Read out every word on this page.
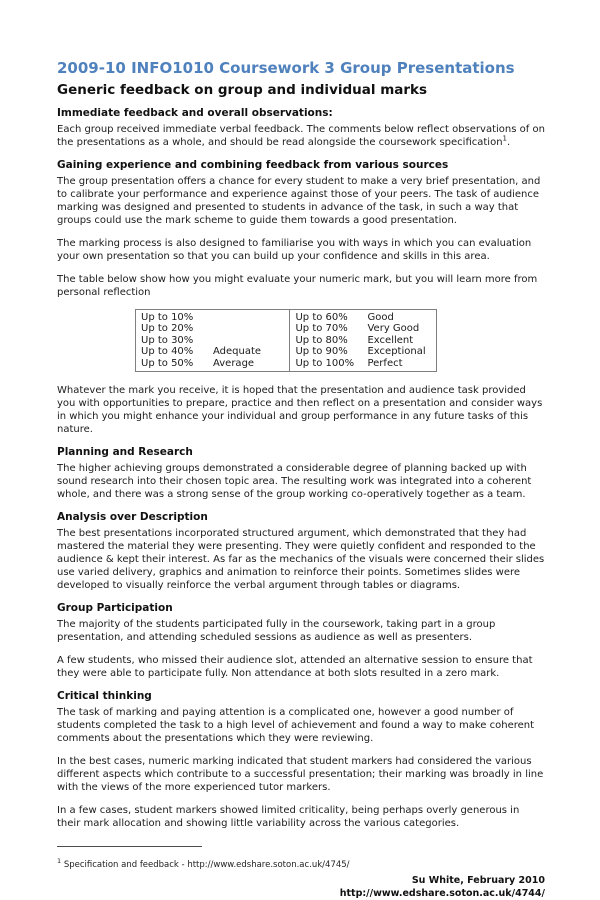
2009-10 INFO1010 Coursework 3 Group Presentations
Generic feedback on group and individual marks
Immediate feedback and overall observations:

Each group received immediate verbal feedback. The comments below reflect observations of on the presentations as a whole, and should be read alongside the coursework specification$^1$.

Gaining experience and combining feedback from various sources

The group presentation offers a chance for every student to make a very brief presentation, and to calibrate your performance and experience against those of your peers. The task of audience marking was designed and presented to students in advance of the task, in such a way that groups could use the mark scheme to guide them towards a good presentation.

The marking process is also designed to familiarise you with ways in which you can evaluation your own presentation so that you can build up your confidence and skills in this area.

The table below show how you might evaluate your numeric mark, but you will learn more from personal reflection

Up to 10%
Up to 20%
Up to 30%
Up to 40%	Adequate
Up to 50%	Average
Up to 60%	Good
Up to 70%	Very Good
Up to 80%	Excellent
Up to 90%	Exceptional
Up to 100%	Perfect

Whatever the mark you receive, it is hoped that the presentation and audience task provided you with opportunities to prepare, practice and then reflect on a presentation and consider ways in which you might enhance your individual and group performance in any future tasks of this nature.

Planning and Research

The higher achieving groups demonstrated a considerable degree of planning backed up with sound research into their chosen topic area. The resulting work was integrated into a coherent whole, and there was a strong sense of the group working co-operatively together as a team.

Analysis over Description

The best presentations incorporated structured argument, which demonstrated that they had mastered the material they were presenting. They were quietly confident and responded to the audience & kept their interest. As far as the mechanics of the visuals were concerned their slides use varied delivery, graphics and animation to reinforce their points. Sometimes slides were developed to visually reinforce the verbal argument through tables or diagrams.

Group Participation

The majority of the students participated fully in the coursework, taking part in a group presentation, and attending scheduled sessions as audience as well as presenters.

A few students, who missed their audience slot, attended an alternative session to ensure that they were able to participate fully. Non attendance at both slots resulted in a zero mark.

Critical thinking

The task of marking and paying attention is a complicated one, however a good number of students completed the task to a high level of achievement and found a way to make coherent comments about the presentations which they were reviewing.

In the best cases, numeric marking indicated that student markers had considered the various different aspects which contribute to a successful presentation; their marking was broadly in line with the views of the more experienced tutor markers.

In a few cases, student markers showed limited criticality, being perhaps overly generous in their mark allocation and showing little variability across the various categories.

$^1$ Specification and feedback - http://www.edshare.soton.ac.uk/4745/
Su White, February 2010
http://www.edshare.soton.ac.uk/4744/
